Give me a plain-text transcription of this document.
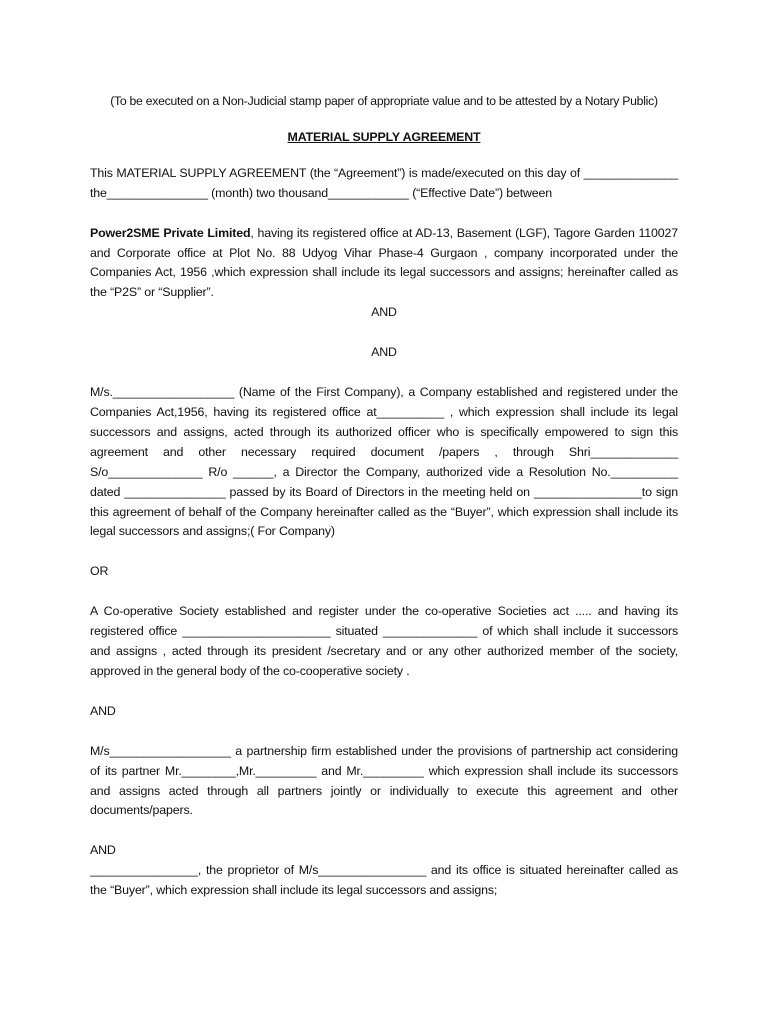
(To be executed on a Non-Judicial stamp paper of appropriate value and to be attested by a Notary Public)

MATERIAL SUPPLY AGREEMENT

This MATERIAL SUPPLY AGREEMENT (the “Agreement”) is made/executed on this day of ______________
the_______________ (month) two thousand____________ (“Effective Date”) between

Power2SME Private Limited, having its registered office at AD-13, Basement (LGF), Tagore Garden 110027 and Corporate office at Plot No. 88 Udyog Vihar Phase-4 Gurgaon , company incorporated under the Companies Act, 1956 ,which expression shall include its legal successors and assigns; hereinafter called as the “P2S” or “Supplier”.

AND

AND

M/s.__________________ (Name of the First Company), a Company established and registered under the Companies Act,1956, having its registered office at__________ , which expression shall include its legal successors and assigns, acted through its authorized officer who is specifically empowered to sign this agreement and other necessary required document /papers , through Shri_____________ S/o______________ R/o ______, a Director the Company, authorized vide a Resolution No.__________ dated _______________ passed by its Board of Directors in the meeting held on ________________to sign this agreement of behalf of the Company hereinafter called as the “Buyer”, which expression shall include its legal successors and assigns;( For Company)

OR

A Co-operative Society established and register under the co-operative Societies act ..... and having its registered office ______________________ situated ______________ of which shall include it successors and assigns , acted through its president /secretary and or any other authorized member of the society, approved in the general body of the co-cooperative society .

AND

M/s__________________ a partnership firm established under the provisions of partnership act considering of its partner Mr.________,Mr._________ and Mr._________ which expression shall include its successors and assigns acted through all partners jointly or individually to execute this agreement and other documents/papers.

AND

________________, the proprietor of M/s________________ and its office is situated hereinafter called as the “Buyer”, which expression shall include its legal successors and assigns;
